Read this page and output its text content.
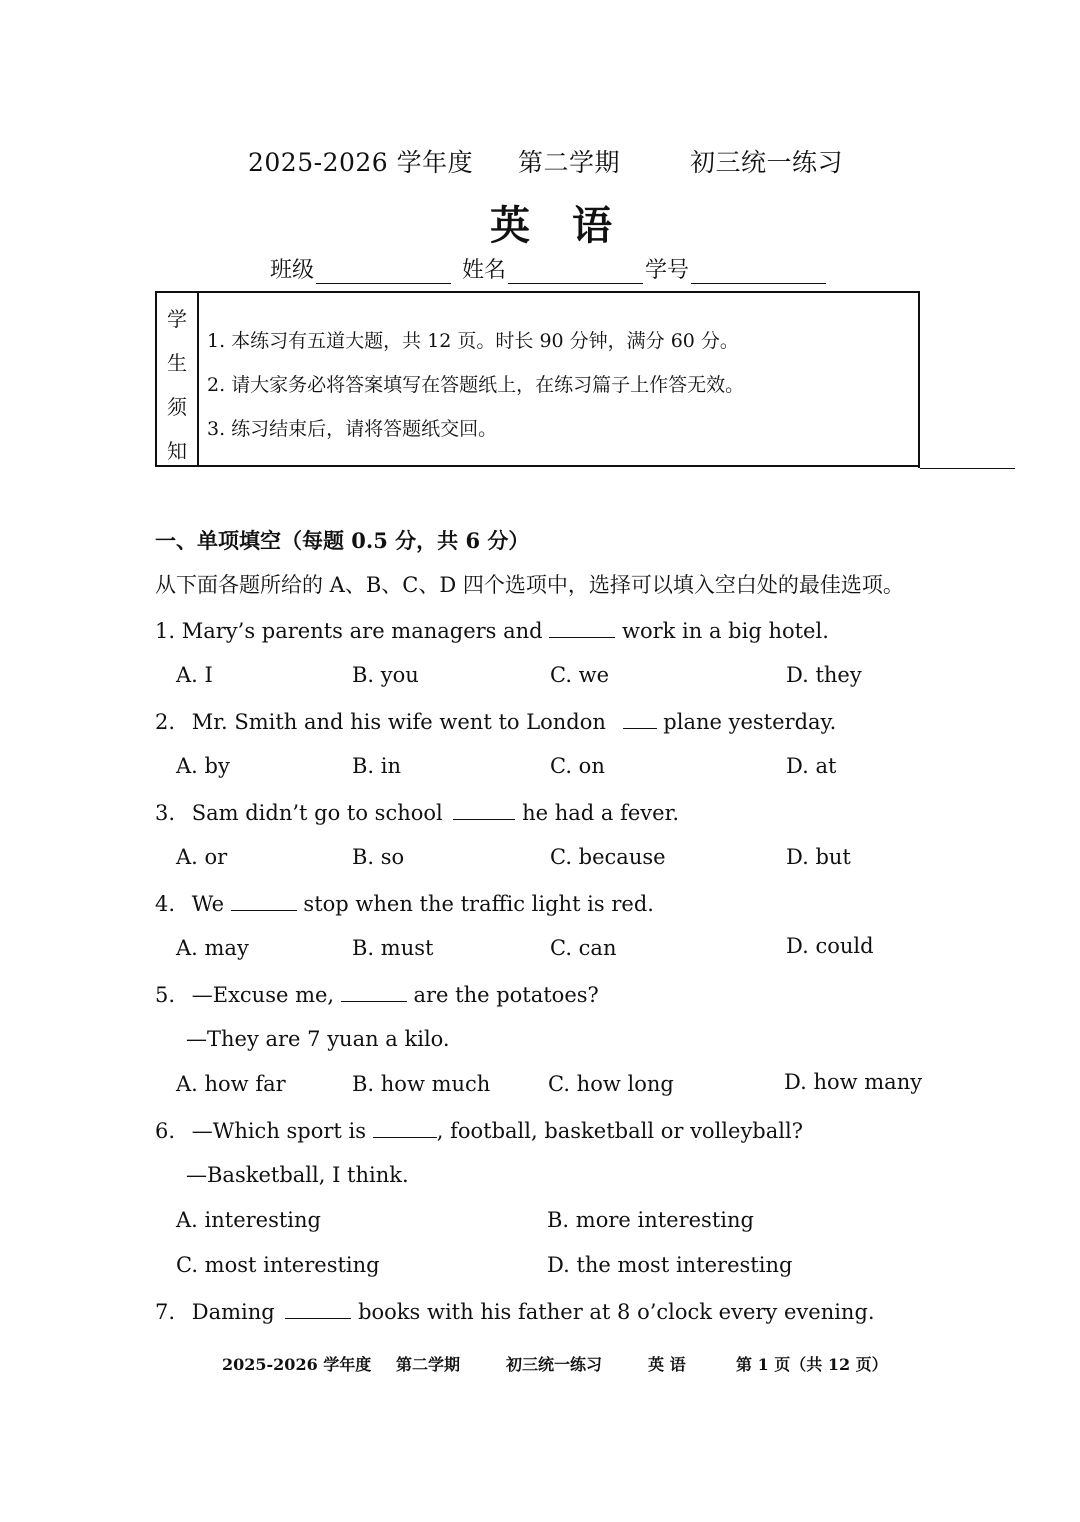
2025-2026 学年度 第二学期	初三统一练习
英语
班级	姓名	学号
学
生
须
知
1. 本练习有五道大题，共 12 页。时长 90 分钟，满分 60 分。
2. 请大家务必将答案填写在答题纸上，在练习篇子上作答无效。
3. 练习结束后，请将答题纸交回。
一、单项填空（每题 0.5 分，共 6 分）
从下面各题所给的 A、B、C、D 四个选项中，选择可以填入空白处的最佳选项。
1. Mary’s parents are managers and	work in a big hotel.
A. I	B. you	C. we	D. they
2. Mr. Smith and his wife went to London	plane yesterday.
A. by	B. in	C. on	D. at
3. Sam didn’t go to school	he had a fever.
A. or	B. so	C. because	D. but
4. We	stop when the traffic light is red.
A. may	B. must	C. can	D. could
5. —Excuse me,	are the potatoes?
—They are 7 yuan a kilo.
A. how far	B. how much	C. how long	D. how many
6. —Which sport is	, football, basketball or volleyball?
—Basketball, I think.
A. interesting	B. more interesting
C. most interesting	D. the most interesting
7. Daming	books with his father at 8 o’clock every evening.
2025-2026 学年度 第二学期	初三统一练习	英 语	第 1 页（共 12 页）
